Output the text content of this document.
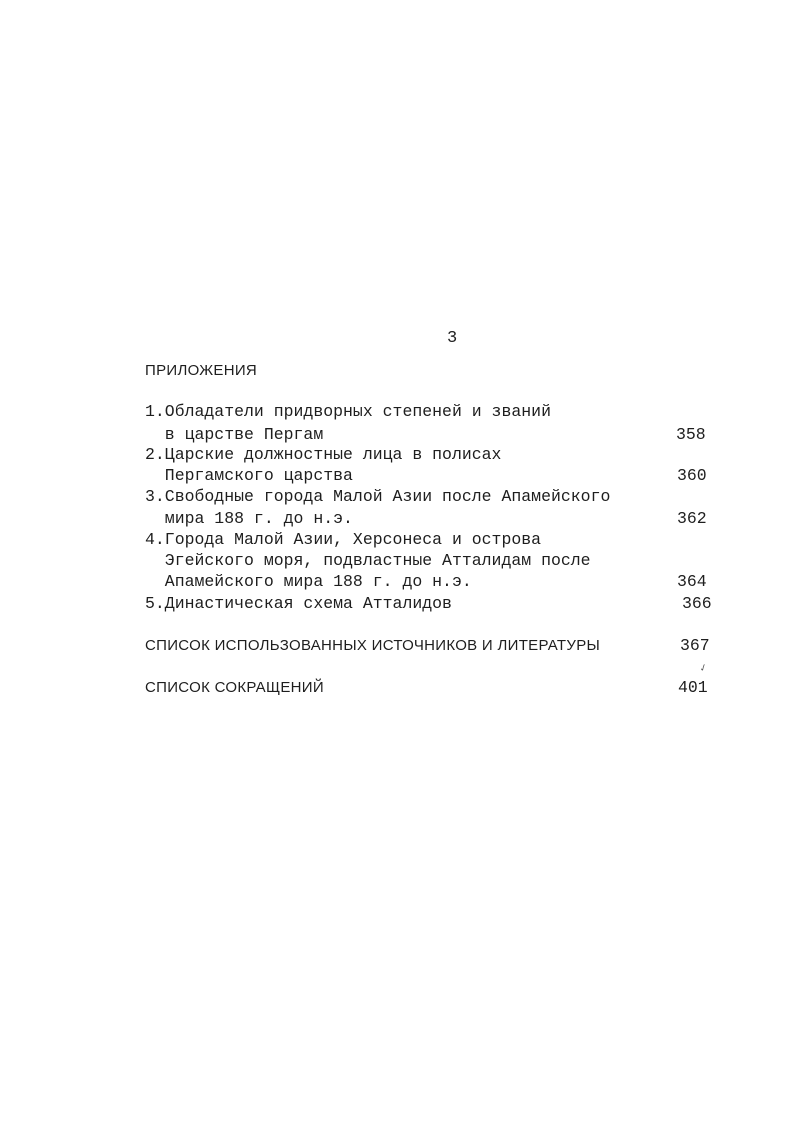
3
ПРИЛОЖЕНИЯ
1.Обладатели придворных степеней и званий
в царстве Пергам	358
2.Царские должностные лица в полисах
Пергамского царства	360
3.Свободные города Малой Азии после Апамейского
мира 188 г. до н.э.	362
4.Города Малой Азии, Херсонеса и острова
Эгейского моря, подвластные Атталидам после
Апамейского мира 188 г. до н.э.	364
5.Династическая схема Атталидов	366
СПИСОК ИСПОЛЬЗОВАННЫХ ИСТОЧНИКОВ И ЛИТЕРАТУРЫ	367
✓
СПИСОК СОКРАЩЕНИЙ	401
